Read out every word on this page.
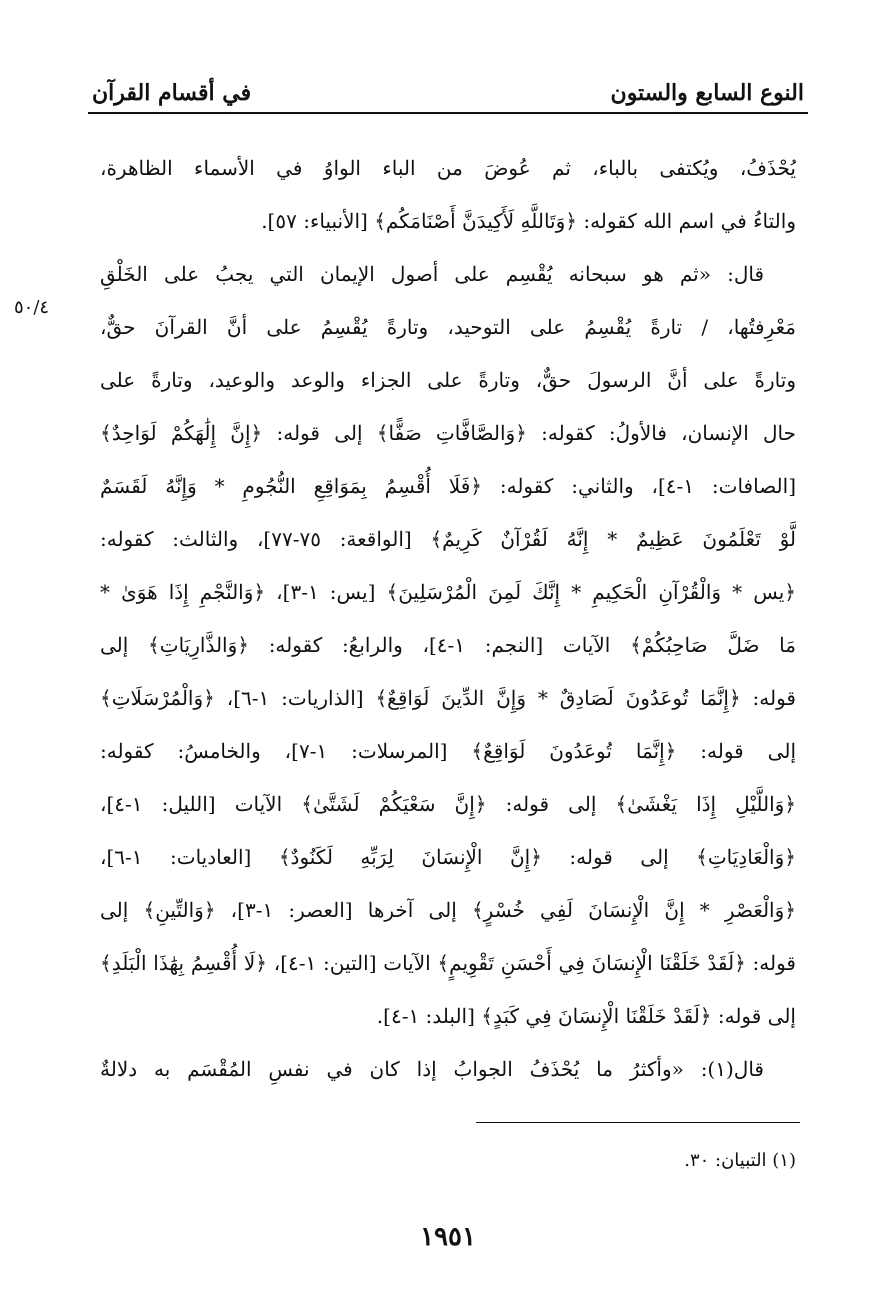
النوع السابع والستون
في أقسام القرآن
٥٠/٤
يُحْذَفُ، ويُكتفى بالباء، ثم عُوضَ من الباء الواوُ في الأسماء الظاهرة،
والتاءُ في اسم الله كقوله: ﴿وَتَاللَّهِ لَأَكِيدَنَّ أَصْنَامَكُم﴾ [الأنبياء: ٥٧].
قال: «ثم هو سبحانه يُقْسِم على أصول الإيمان التي يجبُ على الخَلْقِ
مَعْرِفتُها، / تارةً يُقْسِمُ على التوحيد، وتارةً يُقْسِمُ على أنَّ القرآنَ حقٌّ،
وتارةً على أنَّ الرسولَ حقٌّ، وتارةً على الجزاء والوعد والوعيد، وتارةً على
حال الإنسان، فالأولُ: كقوله: ﴿وَالصَّافَّاتِ صَفًّا﴾ إلى قوله: ﴿إِنَّ إِلَٰهَكُمْ لَوَاحِدٌ﴾
[الصافات: ١-٤]، والثاني: كقوله: ﴿فَلَا أُقْسِمُ بِمَوَاقِعِ النُّجُومِ * وَإِنَّهُ لَقَسَمٌ
لَّوْ تَعْلَمُونَ عَظِيمٌ * إِنَّهُ لَقُرْآنٌ كَرِيمٌ﴾ [الواقعة: ٧٥-٧٧]، والثالث: كقوله:
﴿يس * وَالْقُرْآنِ الْحَكِيمِ * إِنَّكَ لَمِنَ الْمُرْسَلِينَ﴾ [يس: ١-٣]، ﴿وَالنَّجْمِ إِذَا هَوَىٰ *
مَا ضَلَّ صَاحِبُكُمْ﴾ الآيات [النجم: ١-٤]، والرابعُ: كقوله: ﴿وَالذَّارِيَاتِ﴾ إلى
قوله: ﴿إِنَّمَا تُوعَدُونَ لَصَادِقٌ * وَإِنَّ الدِّينَ لَوَاقِعٌ﴾ [الذاريات: ١-٦]، ﴿وَالْمُرْسَلَاتِ﴾
إلى قوله: ﴿إِنَّمَا تُوعَدُونَ لَوَاقِعٌ﴾ [المرسلات: ١-٧]، والخامسُ: كقوله:
﴿وَاللَّيْلِ إِذَا يَغْشَىٰ﴾ إلى قوله: ﴿إِنَّ سَعْيَكُمْ لَشَتَّىٰ﴾ الآيات [الليل: ١-٤]،
﴿وَالْعَادِيَاتِ﴾ إلى قوله: ﴿إِنَّ الْإِنسَانَ لِرَبِّهِ لَكَنُودٌ﴾ [العاديات: ١-٦]،
﴿وَالْعَصْرِ * إِنَّ الْإِنسَانَ لَفِي خُسْرٍ﴾ إلى آخرها [العصر: ١-٣]، ﴿وَالتِّينِ﴾ إلى
قوله: ﴿لَقَدْ خَلَقْنَا الْإِنسَانَ فِي أَحْسَنِ تَقْوِيمٍ﴾ الآيات [التين: ١-٤]، ﴿لَا أُقْسِمُ بِهَٰذَا الْبَلَدِ﴾
إلى قوله: ﴿لَقَدْ خَلَقْنَا الْإِنسَانَ فِي كَبَدٍ﴾ [البلد: ١-٤].
قال(١): «وأكثرُ ما يُحْذَفُ الجوابُ إذا كان في نفسِ المُقْسَم به دلالةٌ
(١) التبيان: ٣٠.
١٩٥١
